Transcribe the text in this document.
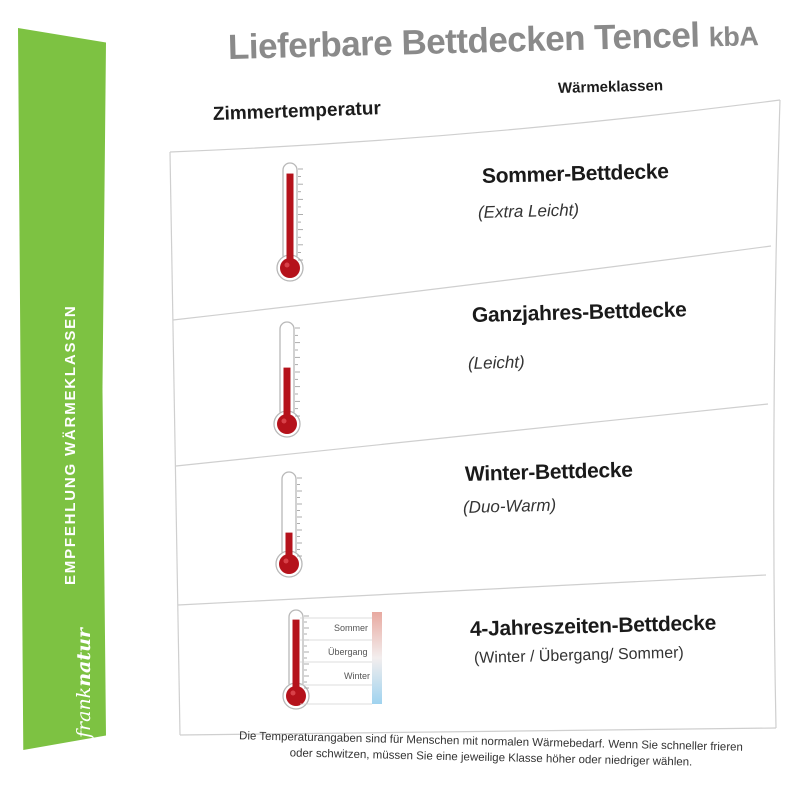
EMPFEHLUNG WÄRMEKLASSEN
franknatur
Lieferbare Bettdecken Tencel kbA
Zimmertemperatur
Wärmeklassen
Sommer-Bettdecke
(Extra Leicht)
Ganzjahres-Bettdecke
(Leicht)
Winter-Bettdecke
(Duo-Warm)
4-Jahreszeiten-Bettdecke
(Winter / Übergang/ Sommer)
Sommer
Übergang
Winter
Die Temperaturangaben sind für Menschen mit normalen Wärmebedarf. Wenn Sie schneller frieren
oder schwitzen, müssen Sie eine jeweilige Klasse höher oder niedriger wählen.
